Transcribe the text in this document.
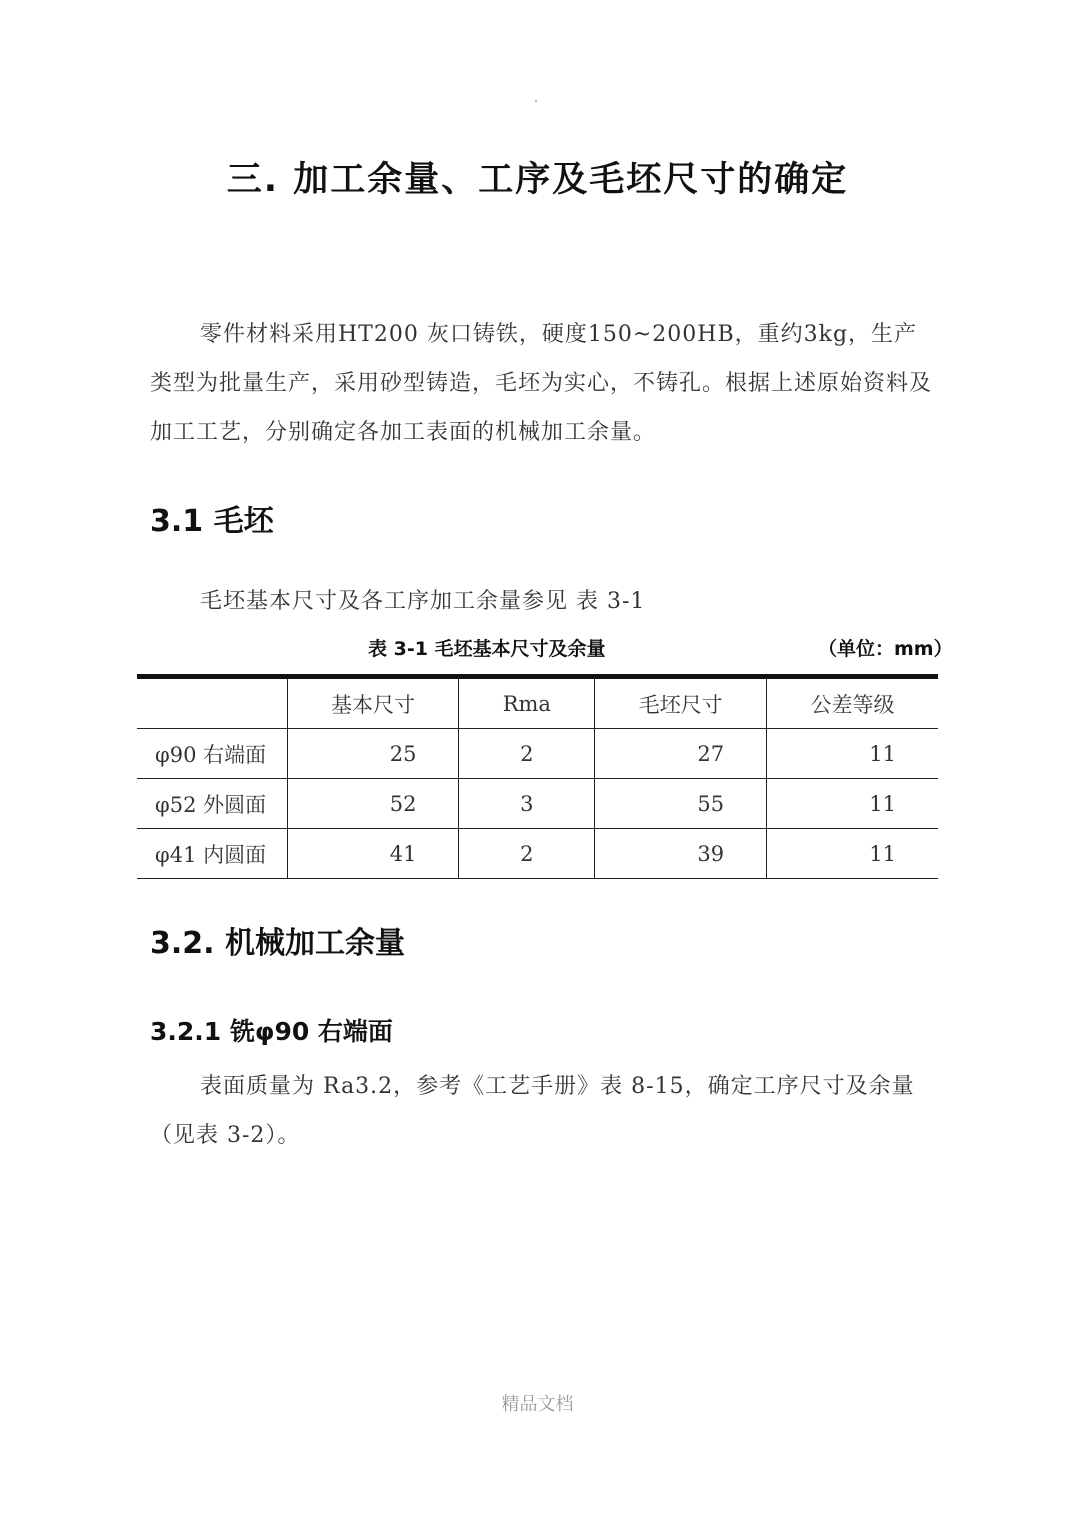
三. 加工余量、工序及毛坯尺寸的确定

零件材料采用HT200 灰口铸铁，硬度150~200HB，重约3kg，生产类型为批量生产，采用砂型铸造，毛坯为实心，不铸孔。根据上述原始资料及加工工艺，分别确定各加工表面的机械加工余量。

3.1 毛坯
毛坯基本尺寸及各工序加工余量参见 表 3-1
表 3-1 毛坯基本尺寸及余量	（单位：mm）
	基本尺寸	Rma	毛坯尺寸	公差等级
φ90 右端面	25	2	27	11
φ52 外圆面	52	3	55	11
φ41 内圆面	41	2	39	11
3.2. 机械加工余量
3.2.1 铣φ90 右端面

表面质量为 Ra3.2，参考《工艺手册》表 8-15，确定工序尺寸及余量（见表 3-2）。

精品文档
